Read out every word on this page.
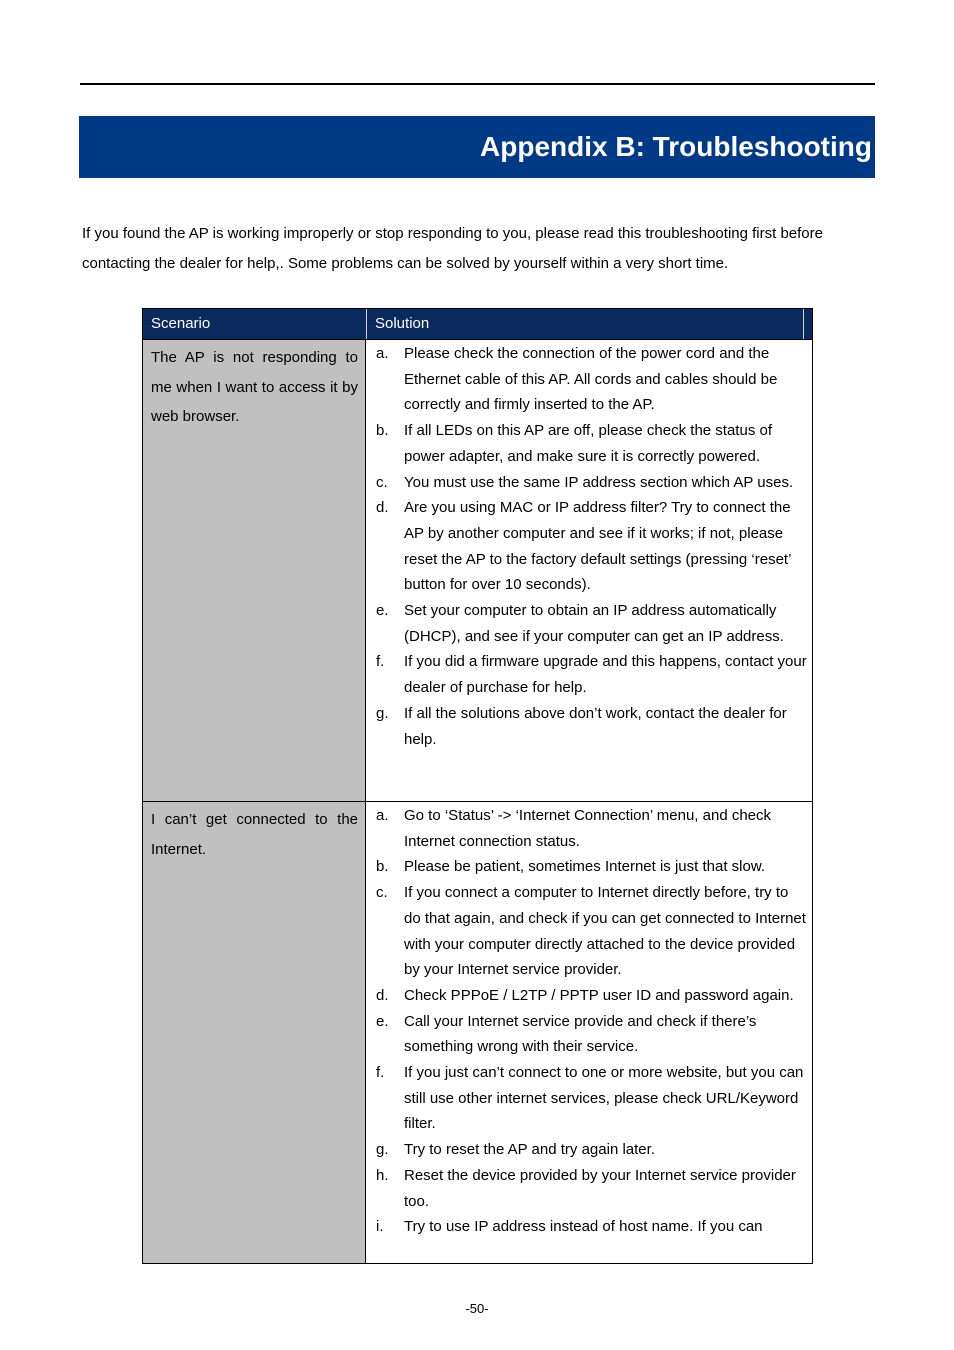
Appendix B: Troubleshooting

If you found the AP is working improperly or stop responding to you, please read this troubleshooting first before

contacting the dealer for help,. Some problems can be solved by yourself within a very short time.

Scenario	Solution
The AP is not responding to me when I want to access it by web browser.
a. Please check the connection of the power cord and the Ethernet cable of this AP. All cords and cables should be correctly and firmly inserted to the AP.
b. If all LEDs on this AP are off, please check the status of power adapter, and make sure it is correctly powered.
c. You must use the same IP address section which AP uses.
d. Are you using MAC or IP address filter? Try to connect the AP by another computer and see if it works; if not, please reset the AP to the factory default settings (pressing ‘reset’ button for over 10 seconds).
e. Set your computer to obtain an IP address automatically (DHCP), and see if your computer can get an IP address.
f. If you did a firmware upgrade and this happens, contact your dealer of purchase for help.
g. If all the solutions above don’t work, contact the dealer for help.
I can’t get connected to the Internet.
a. Go to ‘Status’ -> ‘Internet Connection’ menu, and check Internet connection status.
b. Please be patient, sometimes Internet is just that slow.
c. If you connect a computer to Internet directly before, try to do that again, and check if you can get connected to Internet with your computer directly attached to the device provided by your Internet service provider.
d. Check PPPoE / L2TP / PPTP user ID and password again.
e. Call your Internet service provide and check if there’s something wrong with their service.
f. If you just can’t connect to one or more website, but you can still use other internet services, please check URL/Keyword filter.
g. Try to reset the AP and try again later.
h. Reset the device provided by your Internet service provider too.
i. Try to use IP address instead of host name. If you can
-50-
